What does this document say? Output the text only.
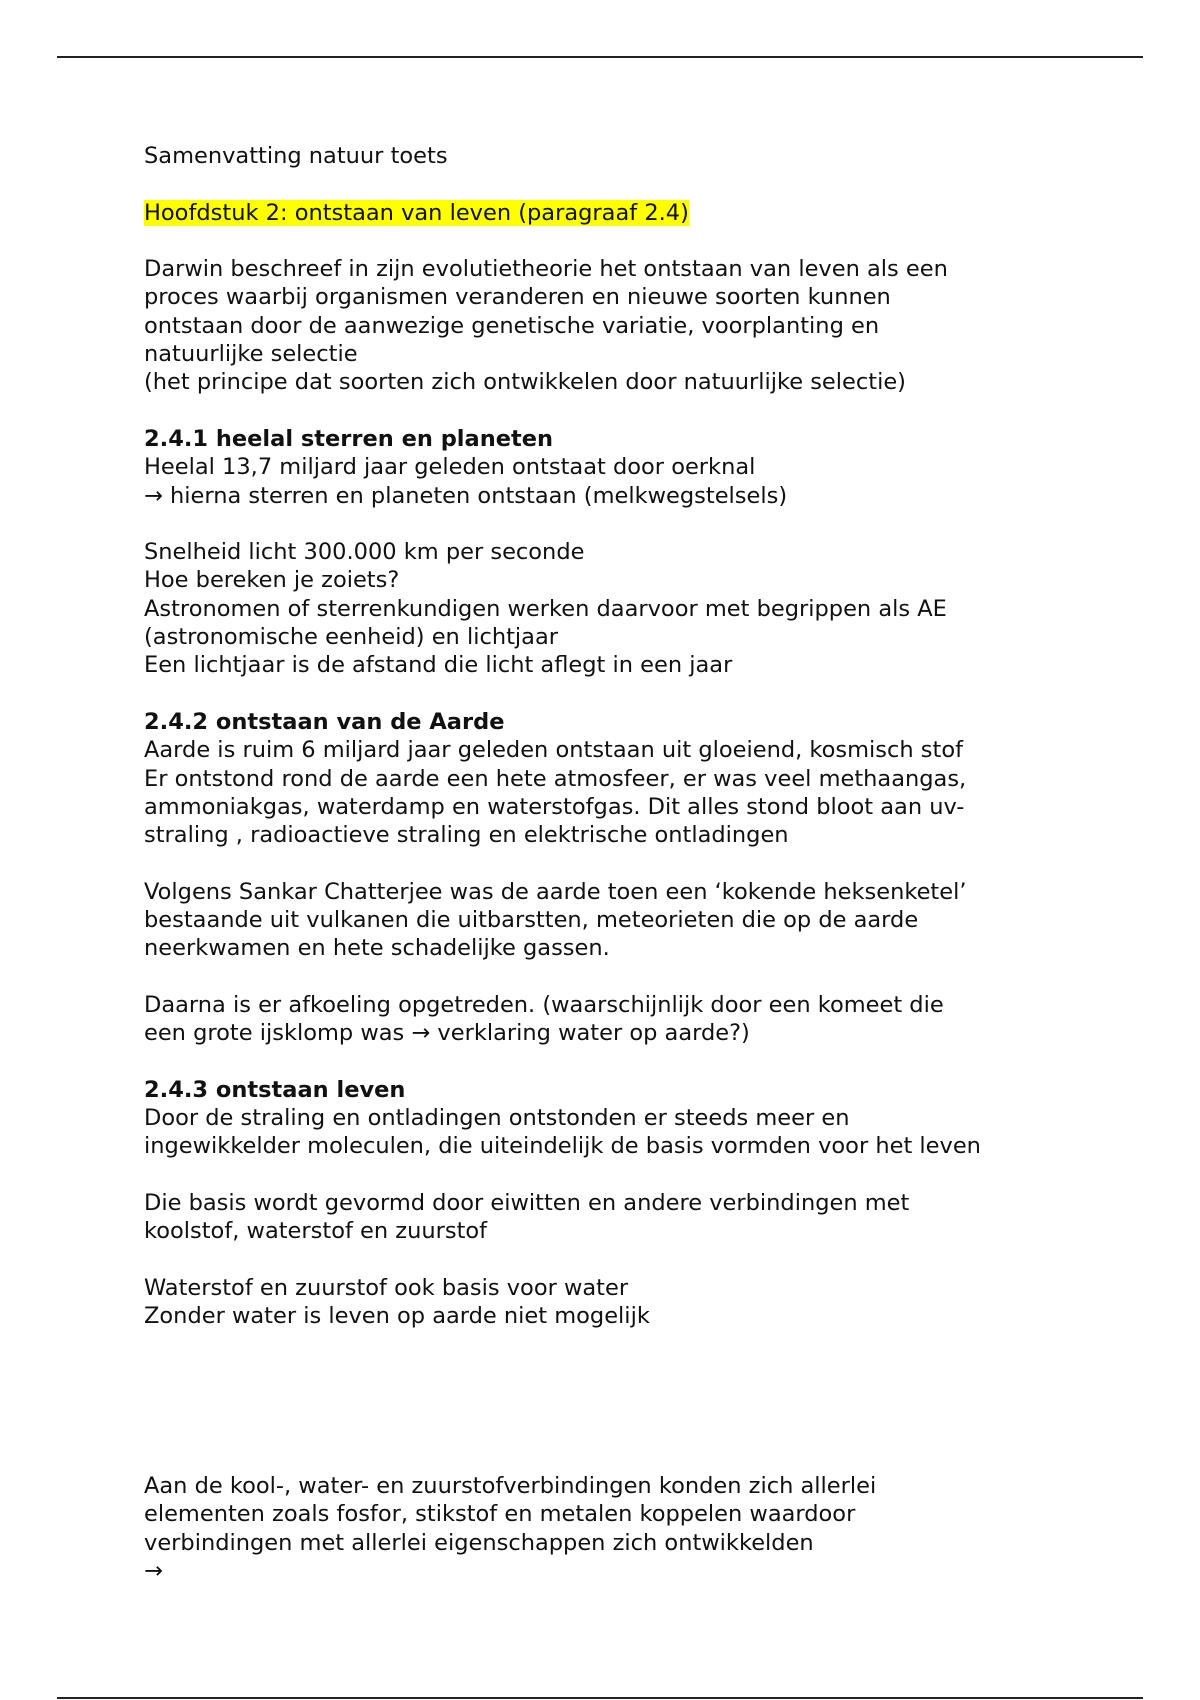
Samenvatting natuur toets
Hoofdstuk 2: ontstaan van leven (paragraaf 2.4)
Darwin beschreef in zijn evolutietheorie het ontstaan van leven als een
proces waarbij organismen veranderen en nieuwe soorten kunnen
ontstaan door de aanwezige genetische variatie, voorplanting en
natuurlijke selectie
(het principe dat soorten zich ontwikkelen door natuurlijke selectie)
2.4.1 heelal sterren en planeten
Heelal 13,7 miljard jaar geleden ontstaat door oerknal
→ hierna sterren en planeten ontstaan (melkwegstelsels)
Snelheid licht 300.000 km per seconde
Hoe bereken je zoiets?
Astronomen of sterrenkundigen werken daarvoor met begrippen als AE
(astronomische eenheid) en lichtjaar
Een lichtjaar is de afstand die licht aflegt in een jaar
2.4.2 ontstaan van de Aarde
Aarde is ruim 6 miljard jaar geleden ontstaan uit gloeiend, kosmisch stof
Er ontstond rond de aarde een hete atmosfeer, er was veel methaangas,
ammoniakgas, waterdamp en waterstofgas. Dit alles stond bloot aan uv-
straling , radioactieve straling en elektrische ontladingen
Volgens Sankar Chatterjee was de aarde toen een ‘kokende heksenketel’
bestaande uit vulkanen die uitbarstten, meteorieten die op de aarde
neerkwamen en hete schadelijke gassen.
Daarna is er afkoeling opgetreden. (waarschijnlijk door een komeet die
een grote ijsklomp was → verklaring water op aarde?)
2.4.3 ontstaan leven
Door de straling en ontladingen ontstonden er steeds meer en
ingewikkelder moleculen, die uiteindelijk de basis vormden voor het leven
Die basis wordt gevormd door eiwitten en andere verbindingen met
koolstof, waterstof en zuurstof
Waterstof en zuurstof ook basis voor water
Zonder water is leven op aarde niet mogelijk
Aan de kool-, water- en zuurstofverbindingen konden zich allerlei
elementen zoals fosfor, stikstof en metalen koppelen waardoor
verbindingen met allerlei eigenschappen zich ontwikkelden
→
